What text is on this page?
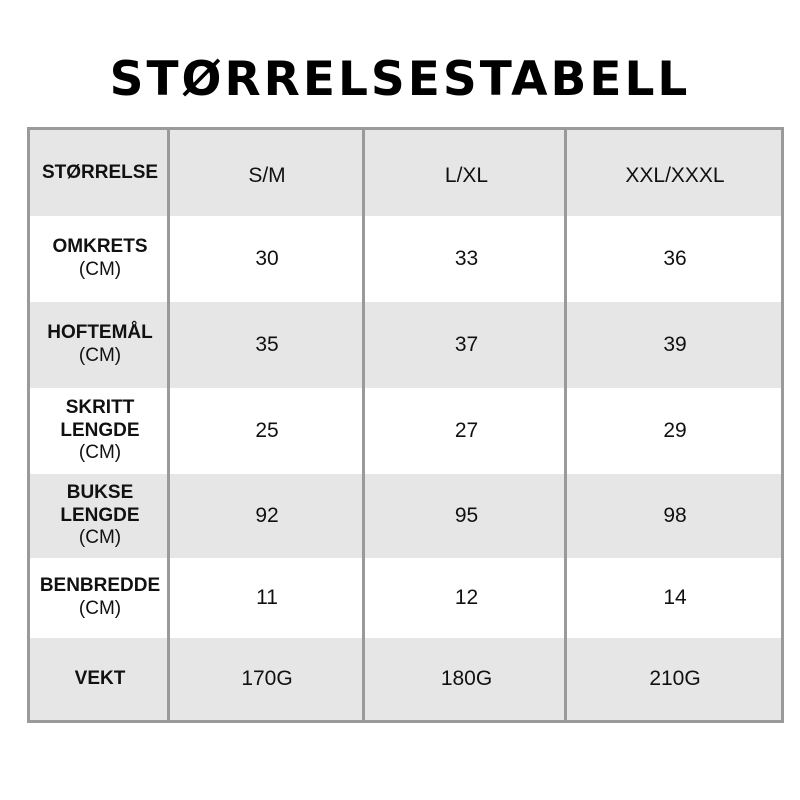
STØRRELSESTABELL
STØRRELSE	S/M	L/XL	XXL/XXXL
OMKRETS
(CM)	30	33	36
HOFTEMÅL
(CM)	35	37	39
SKRITT LENGDE
(CM)
25	27	29
BUKSE LENGDE
(CM)
92	95	98
BENBREDDE
(CM)	11	12	14
VEKT	170G	180G	210G
